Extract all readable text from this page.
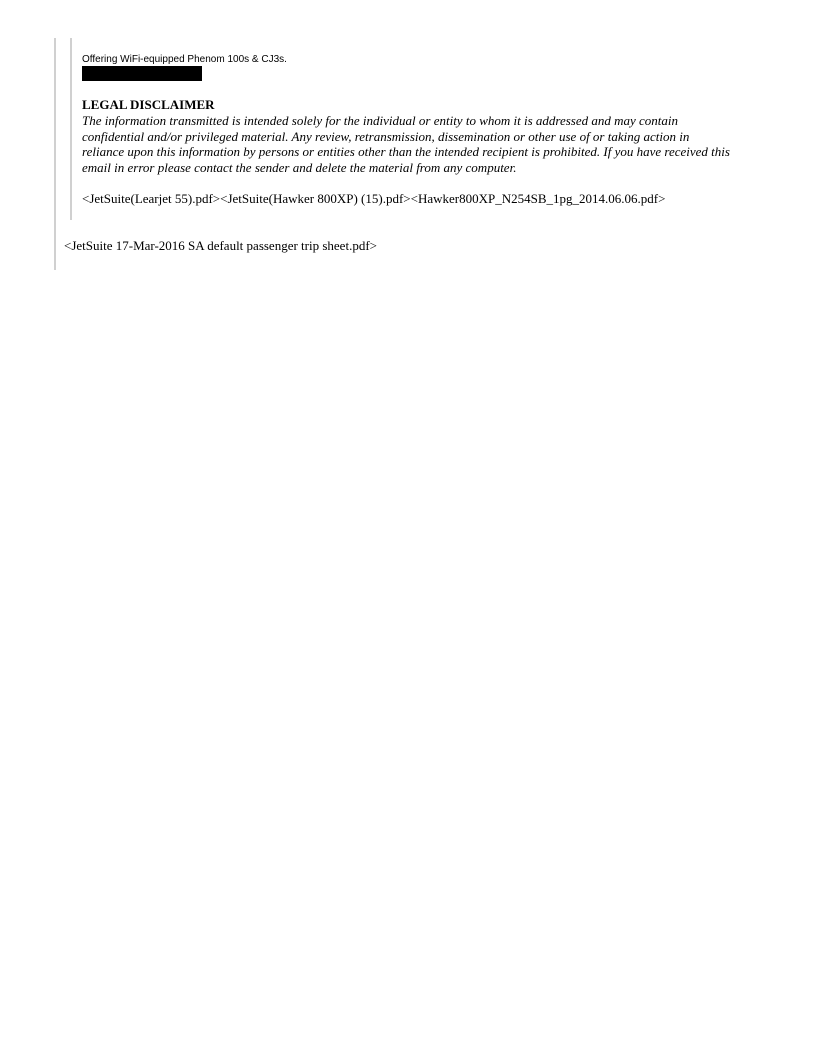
Offering WiFi-equipped Phenom 100s & CJ3s.
LEGAL DISCLAIMER
The information transmitted is intended solely for the individual or entity to whom it is addressed and may contain
confidential and/or privileged material. Any review, retransmission, dissemination or other use of or taking action in
reliance upon this information by persons or entities other than the intended recipient is prohibited. If you have received this
email in error please contact the sender and delete the material from any computer.
<JetSuite(Learjet 55).pdf><JetSuite(Hawker 800XP) (15).pdf><Hawker800XP_N254SB_1pg_2014.06.06.pdf>
<JetSuite 17-Mar-2016 SA default passenger trip sheet.pdf>
